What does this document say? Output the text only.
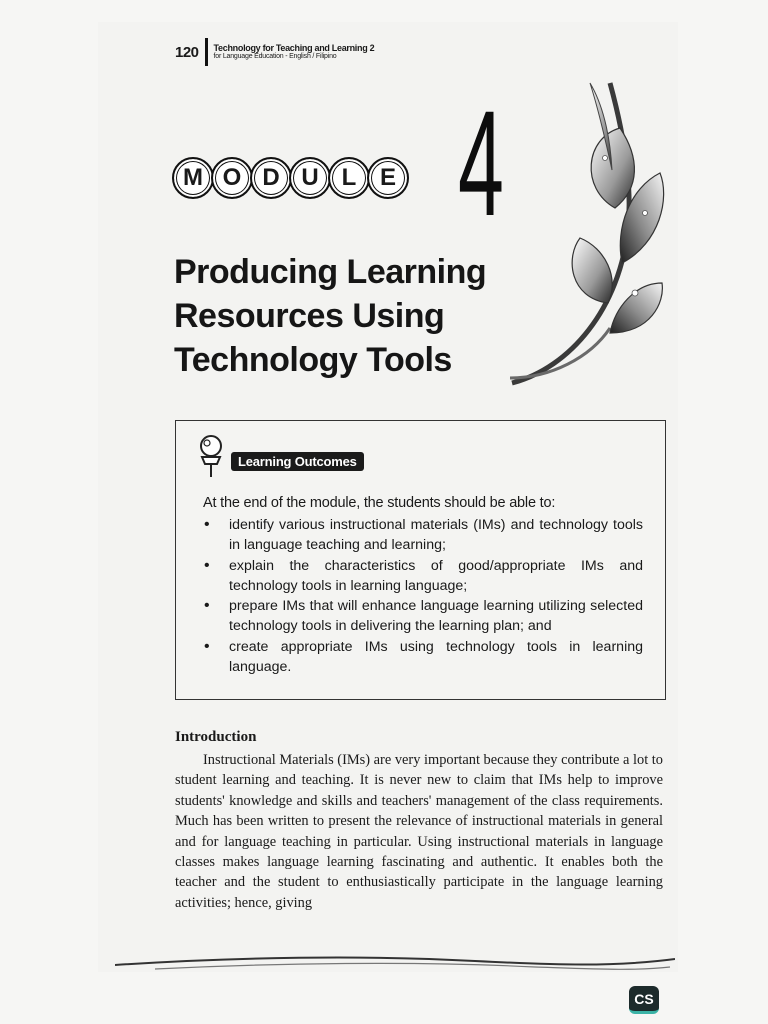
120	Technology for Teaching and Learning 2
for Language Education - English / Filipino
M O D U L E 4
Producing Learning
Resources Using
Technology Tools
Learning Outcomes
At the end of the module, the students should be able to:
• identify various instructional materials (IMs) and technology tools in language teaching and learning;
• explain the characteristics of good/appropriate IMs and technology tools in learning language;
• prepare IMs that will enhance language learning utilizing selected technology tools in delivering the learning plan; and
• create appropriate IMs using technology tools in learning language.
Introduction

Instructional Materials (IMs) are very important because they contribute a lot to student learning and teaching. It is never new to claim that IMs help to improve students' knowledge and skills and teachers' management of the class requirements. Much has been written to present the relevance of instructional materials in general and for language teaching in particular. Using instructional materials in language classes makes language learning fascinating and authentic. It enables both the teacher and the student to enthusiastically participate in the language learning activities; hence, giving

CS
